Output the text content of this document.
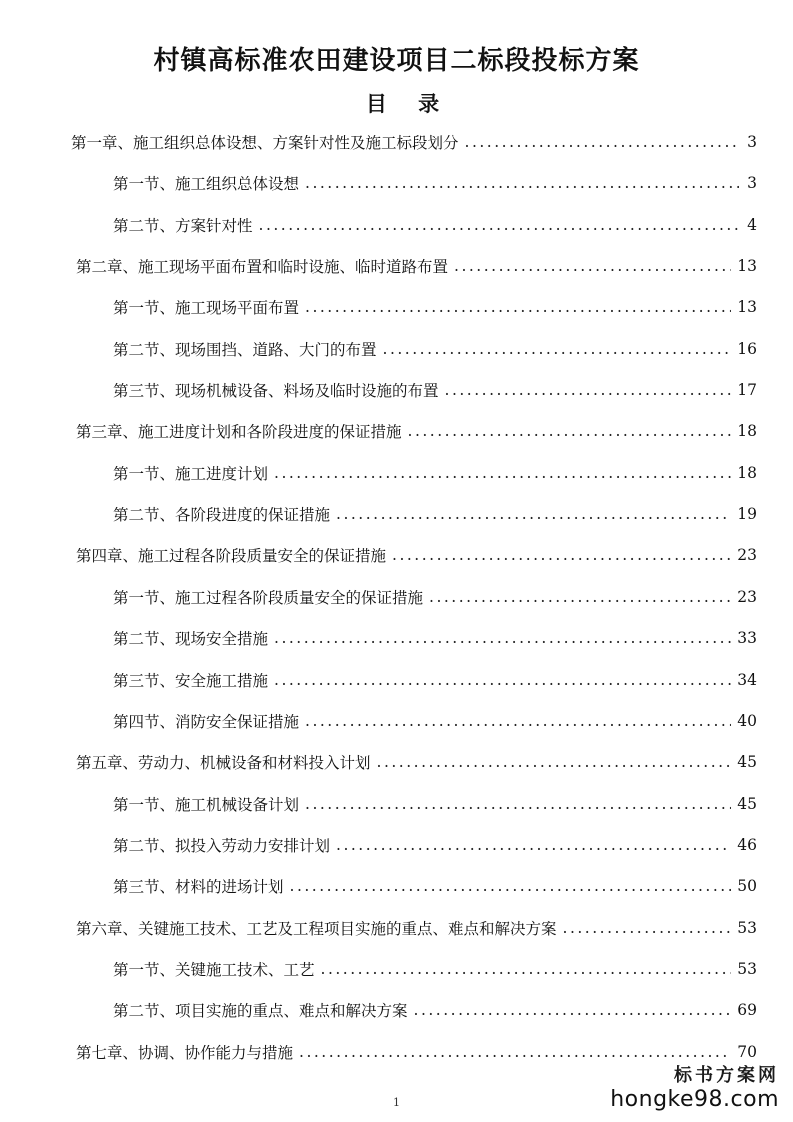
村镇高标准农田建设项目二标段投标方案
目 录
第一章、施工组织总体设想、方案针对性及施工标段划分 .....	3
第一节、施工组织总体设想 .....	3
第二节、方案针对性 .....	4
第二章、施工现场平面布置和临时设施、临时道路布置 .....	13
第一节、施工现场平面布置 .....	13
第二节、现场围挡、道路、大门的布置 .....	16
第三节、现场机械设备、料场及临时设施的布置 .....	17
第三章、施工进度计划和各阶段进度的保证措施 .....	18
第一节、施工进度计划 .....	18
第二节、各阶段进度的保证措施 .....	19
第四章、施工过程各阶段质量安全的保证措施 .....	23
第一节、施工过程各阶段质量安全的保证措施 .....	23
第二节、现场安全措施 .....	33
第三节、安全施工措施 .....	34
第四节、消防安全保证措施 .....	40
第五章、劳动力、机械设备和材料投入计划 .....	45
第一节、施工机械设备计划 .....	45
第二节、拟投入劳动力安排计划 .....	46
第三节、材料的进场计划 .....	50
第六章、关键施工技术、工艺及工程项目实施的重点、难点和解决方案 .....	53
第一节、关键施工技术、工艺 .....	53
第二节、项目实施的重点、难点和解决方案 .....	69
第七章、协调、协作能力与措施 .....	70
1
标书方案网
hongke98.com
